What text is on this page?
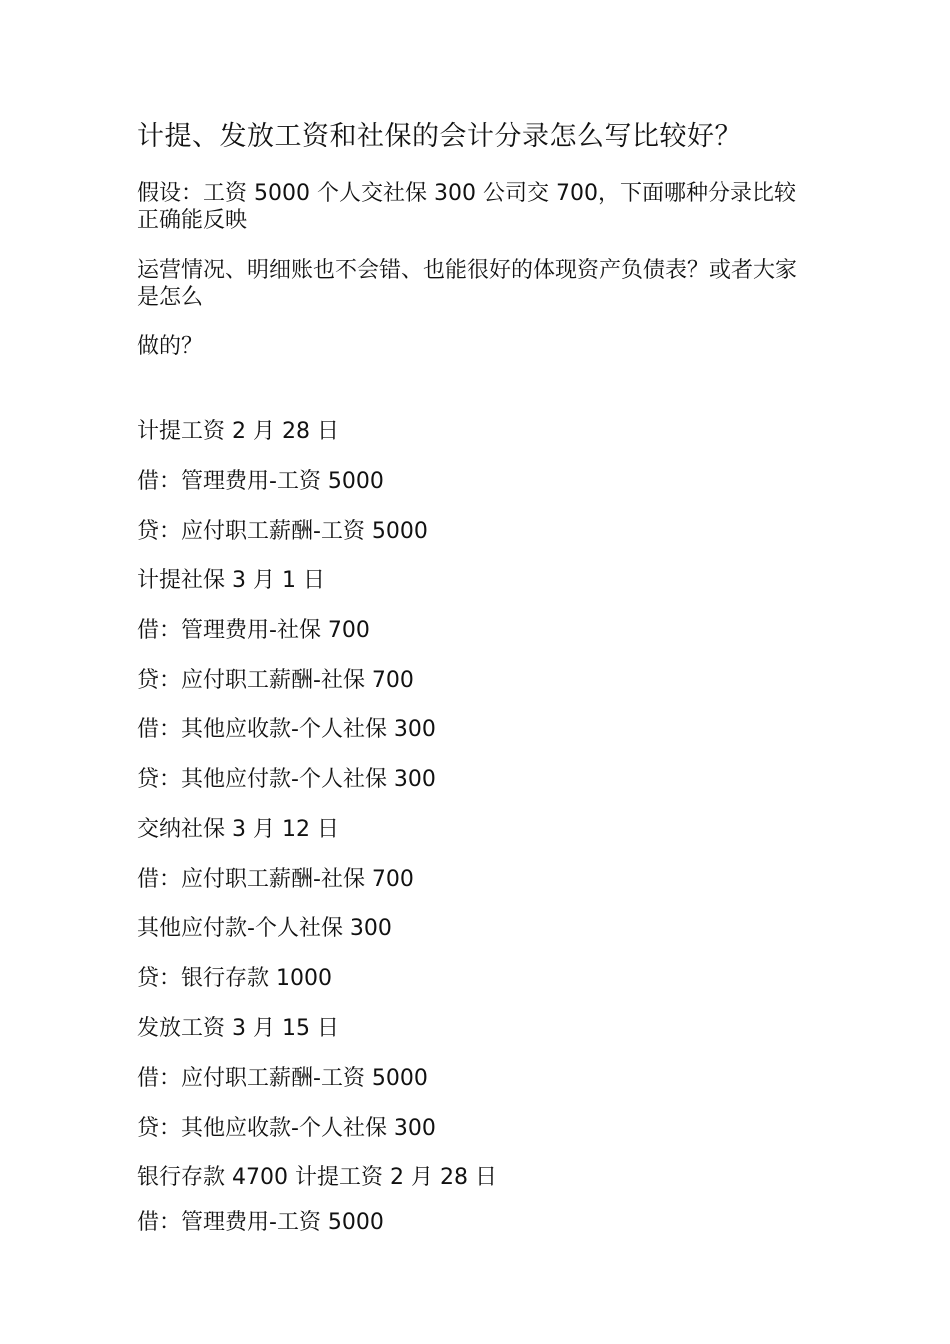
计提、发放工资和社保的会计分录怎么写比较好？
假设：工资 5000 个人交社保 300 公司交 700，下面哪种分录比较正确能反映
运营情况、明细账也不会错、也能很好的体现资产负债表？或者大家是怎么
做的？
计提工资 2 月 28 日
借：管理费用-工资 5000
贷：应付职工薪酬-工资 5000
计提社保 3 月 1 日
借：管理费用-社保 700
贷：应付职工薪酬-社保 700
借：其他应收款-个人社保 300
贷：其他应付款-个人社保 300
交纳社保 3 月 12 日
借：应付职工薪酬-社保 700
其他应付款-个人社保 300
贷：银行存款 1000
发放工资 3 月 15 日
借：应付职工薪酬-工资 5000
贷：其他应收款-个人社保 300
银行存款 4700 计提工资 2 月 28 日
借：管理费用-工资 5000
